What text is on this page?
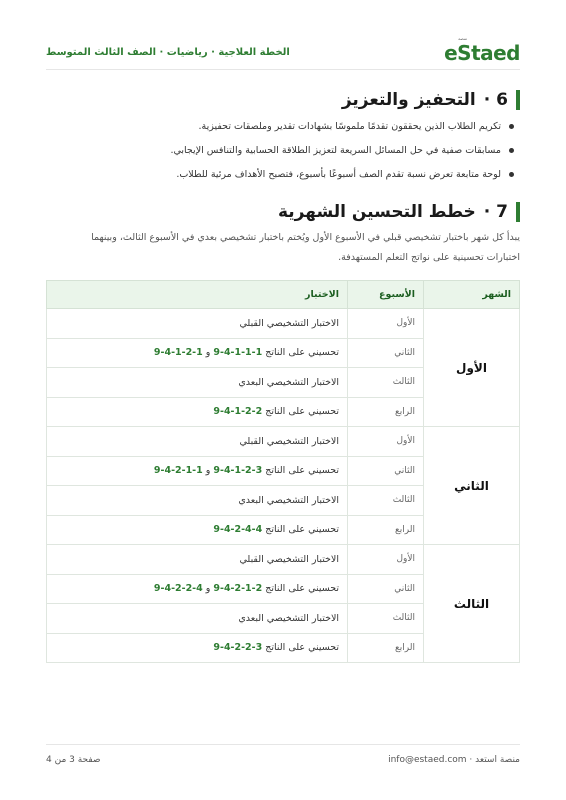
منصة
eStaed
الخطة العلاجية · رياضيات · الصف الثالث المتوسط
6 ·
التحفيز والتعزيز
تكريم الطلاب الذين يحققون تقدمًا ملموسًا بشهادات تقدير وملصقات تحفيزية.
مسابقات صفية في حل المسائل السريعة لتعزيز الطلاقة الحسابية والتنافس الإيجابي.
لوحة متابعة تعرض نسبة تقدم الصف أسبوعًا بأسبوع، فتصبح الأهداف مرئية للطلاب.
7 ·
خطط التحسين الشهرية
يبدأ كل شهر باختبار تشخيصي قبلي في الأسبوع الأول ويُختم باختبار تشخيصي بعدي في الأسبوع الثالث، وبينهما
اختبارات تحسينية على نواتج التعلم المستهدفة.
الشهر	الأسبوع	الاختبار
الأول	الأول	الاختبار التشخيصي القبلي
	الثاني	تحسيني على الناتج 9-4-1-1-1 و 9-4-1-2-1
	الثالث	الاختبار التشخيصي البعدي
	الرابع	تحسيني على الناتج 9-4-1-2-2
الثاني	الأول	الاختبار التشخيصي القبلي
	الثاني	تحسيني على الناتج 9-4-1-2-3 و 9-4-2-1-1
	الثالث	الاختبار التشخيصي البعدي
	الرابع	تحسيني على الناتج 9-4-2-4-4
الثالث	الأول	الاختبار التشخيصي القبلي
	الثاني	تحسيني على الناتج 9-4-2-1-2 و 9-4-2-2-4
	الثالث	الاختبار التشخيصي البعدي
	الرابع	تحسيني على الناتج 9-4-2-2-3
منصة استعد · info@estaed.com
صفحة 3 من 4
